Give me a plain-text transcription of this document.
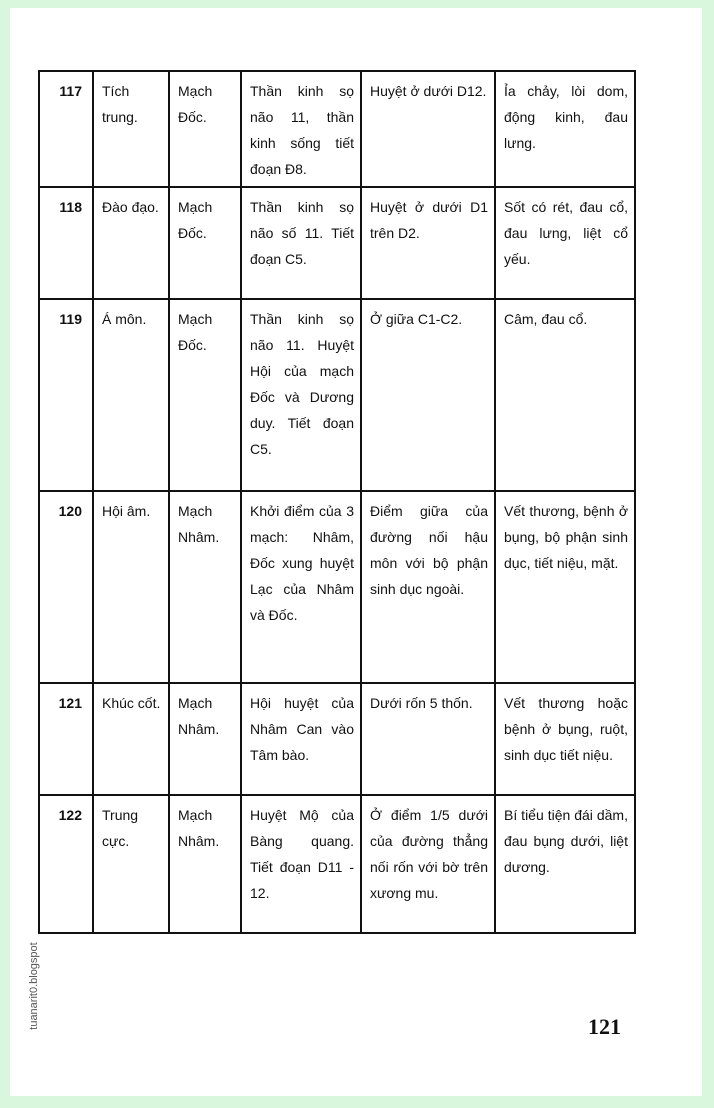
117	Tích trung.	Mạch Đốc.	Thần kinh sọ não 11, thần kinh sống tiết đoạn Đ8.	Huyệt ở dưới D12.	Ỉa chảy, lòi dom, động kinh, đau lưng.
118	Đào đạo.	Mạch Đốc.	Thần kinh sọ não số 11. Tiết đoạn C5.	Huyệt ở dưới D1 trên D2.	Sốt có rét, đau cổ, đau lưng, liệt cổ yếu.
119	Á môn.	Mạch Đốc.	Thần kinh sọ não 11. Huyệt Hội của mạch Đốc và Dương duy. Tiết đoạn C5.	Ở giữa C1-C2.	Câm, đau cổ.
120	Hội âm.	Mạch Nhâm.	Khởi điểm của 3 mạch: Nhâm, Đốc xung huyệt Lạc của Nhâm và Đốc.	Điểm giữa của đường nối hậu môn với bộ phận sinh dục ngoài.	Vết thương, bệnh ở bụng, bộ phận sinh dục, tiết niệu, mặt.
121	Khúc cốt.	Mạch Nhâm.	Hội huyệt của Nhâm Can vào Tâm bào.	Dưới rốn 5 thốn.	Vết thương hoặc bệnh ở bụng, ruột, sinh dục tiết niệu.
122	Trung cực.	Mạch Nhâm.	Huyệt Mộ của Bàng quang. Tiết đoạn D11 - 12.	Ở điểm 1/5 dưới của đường thẳng nối rốn với bờ trên xương mu.	Bí tiểu tiện đái dầm, đau bụng dưới, liệt dương.
121
tuanarit0.blogspot
